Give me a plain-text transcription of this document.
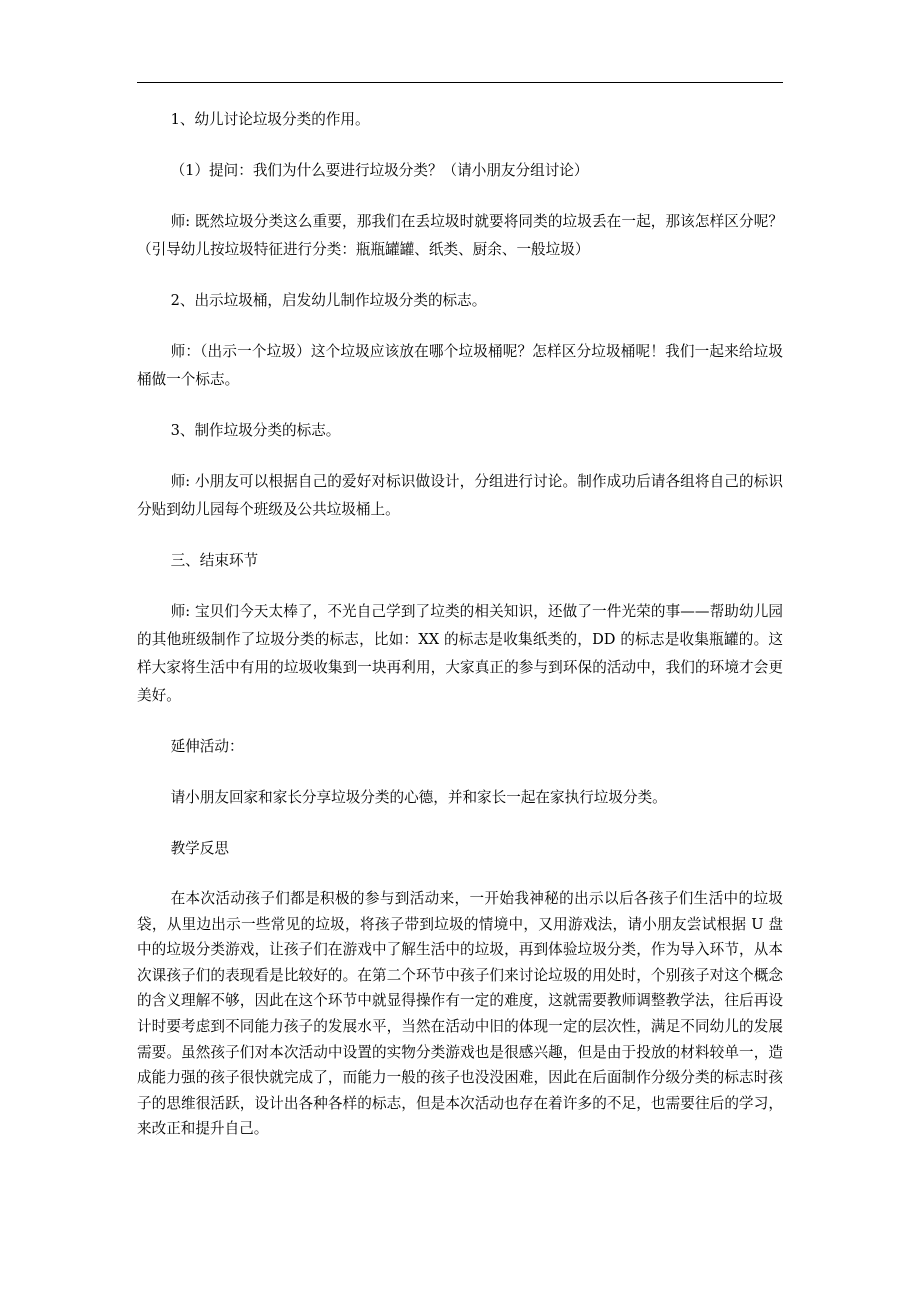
1、幼儿讨论垃圾分类的作用。

（1）提问：我们为什么要进行垃圾分类？（请小朋友分组讨论）

师: 既然垃圾分类这么重要，那我们在丢垃圾时就要将同类的垃圾丢在一起，那该怎样区分呢？（引导幼儿按垃圾特征进行分类：瓶瓶罐罐、纸类、厨余、一般垃圾）

2、出示垃圾桶，启发幼儿制作垃圾分类的标志。

师：（出示一个垃圾）这个垃圾应该放在哪个垃圾桶呢？怎样区分垃圾桶呢！我们一起来给垃圾桶做一个标志。

3、制作垃圾分类的标志。

师: 小朋友可以根据自己的爱好对标识做设计，分组进行讨论。制作成功后请各组将自己的标识分贴到幼儿园每个班级及公共垃圾桶上。

三、结束环节

师: 宝贝们今天太棒了，不光自己学到了垃类的相关知识，还做了一件光荣的事——帮助幼儿园的其他班级制作了垃圾分类的标志，比如：XX 的标志是收集纸类的，DD 的标志是收集瓶罐的。这样大家将生活中有用的垃圾收集到一块再利用，大家真正的参与到环保的活动中，我们的环境才会更美好。

延伸活动：

请小朋友回家和家长分享垃圾分类的心德，并和家长一起在家执行垃圾分类。

教学反思

在本次活动孩子们都是积极的参与到活动来，一开始我神秘的出示以后各孩子们生活中的垃圾袋，从里边出示一些常见的垃圾，将孩子带到垃圾的情境中，又用游戏法，请小朋友尝试根据 U 盘中的垃圾分类游戏，让孩子们在游戏中了解生活中的垃圾，再到体验垃圾分类，作为导入环节，从本次课孩子们的表现看是比较好的。在第二个环节中孩子们来讨论垃圾的用处时，个别孩子对这个概念的含义理解不够，因此在这个环节中就显得操作有一定的难度，这就需要教师调整教学法，往后再设计时要考虑到不同能力孩子的发展水平，当然在活动中旧的体现一定的层次性，满足不同幼儿的发展需要。虽然孩子们对本次活动中设置的实物分类游戏也是很感兴趣，但是由于投放的材料较单一，造成能力强的孩子很快就完成了，而能力一般的孩子也没没困难，因此在后面制作分级分类的标志时孩子的思维很活跃，设计出各种各样的标志，但是本次活动也存在着许多的不足，也需要往后的学习，来改正和提升自己。
